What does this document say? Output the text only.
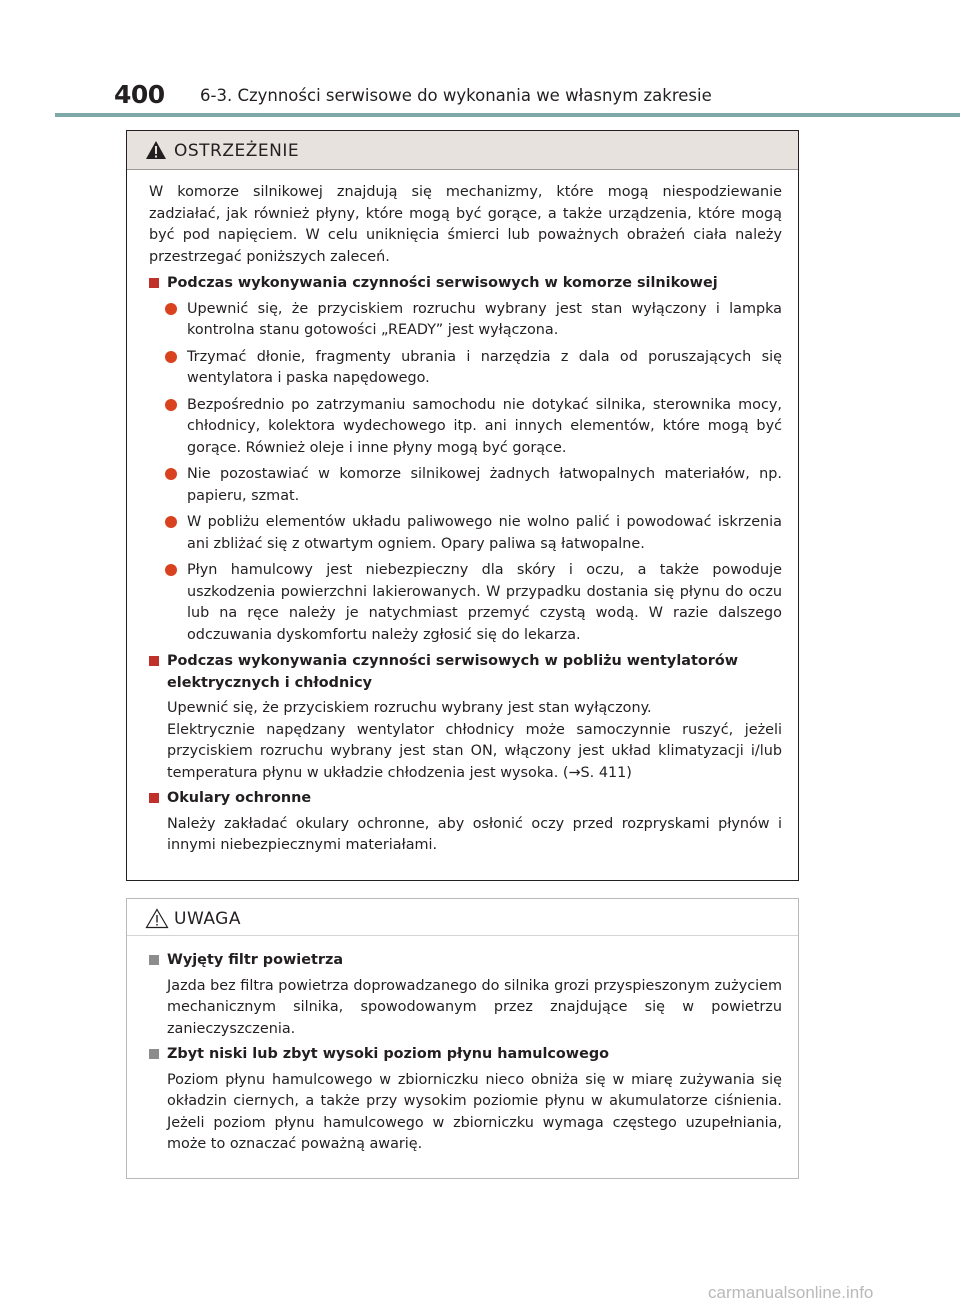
400 6-3. Czynności serwisowe do wykonania we własnym zakresie
OSTRZEŻENIE

W komorze silnikowej znajdują się mechanizmy, które mogą niespodziewanie zadziałać, jak również płyny, które mogą być gorące, a także urządzenia, które mogą być pod napięciem. W celu uniknięcia śmierci lub poważnych obrażeń ciała należy przestrzegać poniższych zaleceń.

Podczas wykonywania czynności serwisowych w komorze silnikowej

Upewnić się, że przyciskiem rozruchu wybrany jest stan wyłączony i lampka kontrolna stanu gotowości „READY” jest wyłączona.

Trzymać dłonie, fragmenty ubrania i narzędzia z dala od poruszających się wentylatora i paska napędowego.

Bezpośrednio po zatrzymaniu samochodu nie dotykać silnika, sterownika mocy, chłodnicy, kolektora wydechowego itp. ani innych elementów, które mogą być gorące. Również oleje i inne płyny mogą być gorące.

Nie pozostawiać w komorze silnikowej żadnych łatwopalnych materiałów, np. papieru, szmat.

W pobliżu elementów układu paliwowego nie wolno palić i powodować iskrzenia ani zbliżać się z otwartym ogniem. Opary paliwa są łatwopalne.

Płyn hamulcowy jest niebezpieczny dla skóry i oczu, a także powoduje uszkodzenia powierzchni lakierowanych. W przypadku dostania się płynu do oczu lub na ręce należy je natychmiast przemyć czystą wodą. W razie dalszego odczuwania dyskomfortu należy zgłosić się do lekarza.

Podczas wykonywania czynności serwisowych w pobliżu wentylatorów elektrycznych i chłodnicy

Upewnić się, że przyciskiem rozruchu wybrany jest stan wyłączony.
Elektrycznie napędzany wentylator chłodnicy może samoczynnie ruszyć, jeżeli przyciskiem rozruchu wybrany jest stan ON, włączony jest układ klimatyzacji i/lub temperatura płynu w układzie chłodzenia jest wysoka. (→S. 411)

Okulary ochronne

Należy zakładać okulary ochronne, aby osłonić oczy przed rozpryskami płynów i innymi niebezpiecznymi materiałami.

UWAGA

Wyjęty filtr powietrza

Jazda bez filtra powietrza doprowadzanego do silnika grozi przyspieszonym zużyciem mechanicznym silnika, spowodowanym przez znajdujące się w powietrzu zanieczyszczenia.

Zbyt niski lub zbyt wysoki poziom płynu hamulcowego

Poziom płynu hamulcowego w zbiorniczku nieco obniża się w miarę zużywania się okładzin ciernych, a także przy wysokim poziomie płynu w akumulatorze ciśnienia. Jeżeli poziom płynu hamulcowego w zbiorniczku wymaga częstego uzupełniania, może to oznaczać poważną awarię.

carmanualsonline.info
